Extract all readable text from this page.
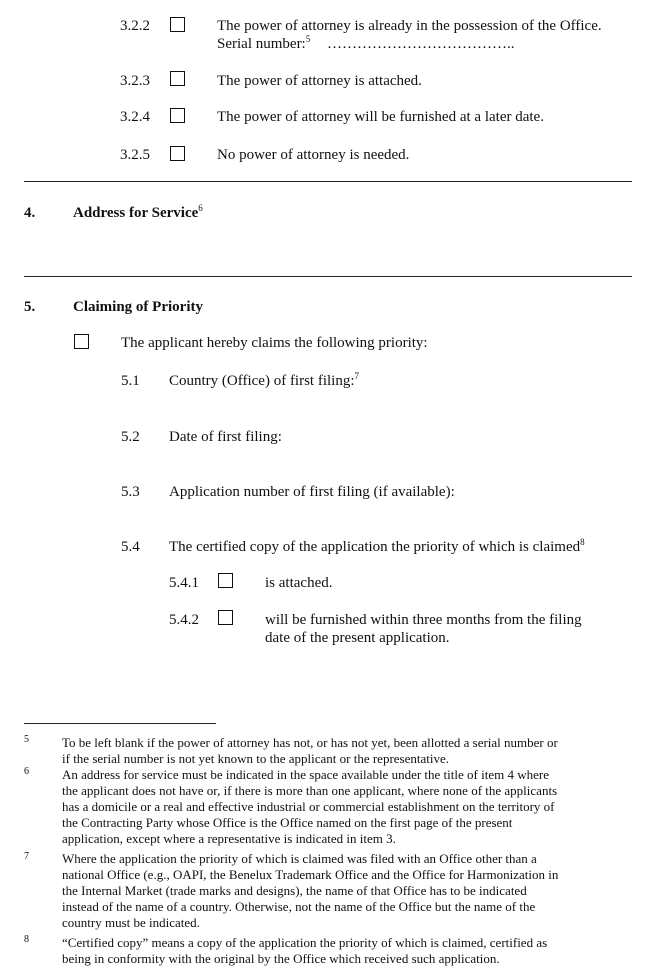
3.2.2	The power of attorney is already in the possession of the Office.
Serial number:$^5$ ………………………………..
3.2.3	The power of attorney is attached.
3.2.4	The power of attorney will be furnished at a later date.
3.2.5	No power of attorney is needed.
4.	Address for Service$^6$
5.	Claiming of Priority
The applicant hereby claims the following priority:
5.1 Country (Office) of first filing:$^7$
5.2 Date of first filing:
5.3 Application number of first filing (if available):
5.4 The certified copy of the application the priority of which is claimed$^8$
5.4.1	is attached.
5.4.2	will be furnished within three months from the filing
date of the present application.
5	To be left blank if the power of attorney has not, or has not yet, been allotted a serial number or
if the serial number is not yet known to the applicant or the representative.
6	An address for service must be indicated in the space available under the title of item 4 where
the applicant does not have or, if there is more than one applicant, where none of the applicants
has a domicile or a real and effective industrial or commercial establishment on the territory of
the Contracting Party whose Office is the Office named on the first page of the present
application, except where a representative is indicated in item 3.
7	Where the application the priority of which is claimed was filed with an Office other than a
national Office (e.g., OAPI, the Benelux Trademark Office and the Office for Harmonization in
the Internal Market (trade marks and designs), the name of that Office has to be indicated
instead of the name of a country. Otherwise, not the name of the Office but the name of the
country must be indicated.
8	“Certified copy” means a copy of the application the priority of which is claimed, certified as
being in conformity with the original by the Office which received such application.
